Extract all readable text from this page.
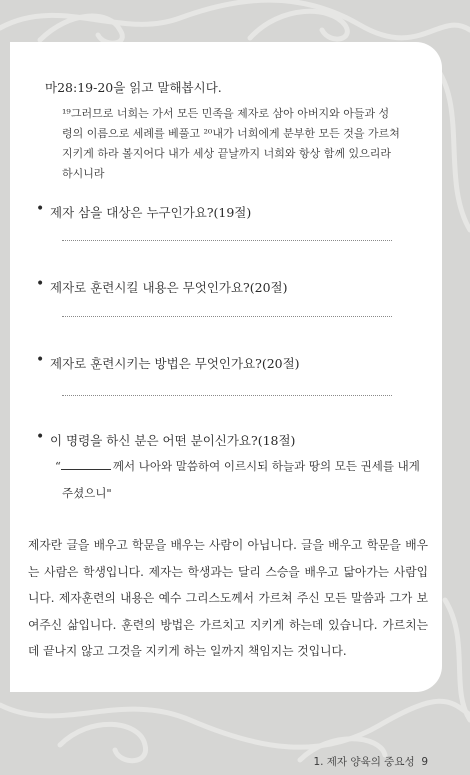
마28:19-20을 읽고 말해봅시다.
¹⁹그러므로 너희는 가서 모든 민족을 제자로 삼아 아버지와 아들과 성
령의 이름으로 세례를 베풀고 ²⁰내가 너희에게 분부한 모든 것을 가르쳐
지키게 하라 볼지어다 내가 세상 끝날까지 너희와 항상 함께 있으리라
하시니라
• 제자 삼을 대상은 누구인가요?(19절)
• 제자로 훈련시킬 내용은 무엇인가요?(20절)
• 제자로 훈련시키는 방법은 무엇인가요?(20절)
• 이 명령을 하신 분은 어떤 분이신가요?(18절)
“	께서 나아와 말씀하여 이르시되 하늘과 땅의 모든 권세를 내게
주셨으니"
제자란 글을 배우고 학문을 배우는 사람이 아닙니다. 글을 배우고 학문을 배우는 사람은 학생입니다. 제자는 학생과는 달리 스승을 배우고 닮아가는 사람입니다. 제자훈련의 내용은 예수 그리스도께서 가르쳐 주신 모든 말씀과 그가 보여주신 삶입니다. 훈련의 방법은 가르치고 지키게 하는데 있습니다. 가르치는데 끝나지 않고 그것을 지키게 하는 일까지 책임지는 것입니다.
1. 제자 양육의 중요성 9
